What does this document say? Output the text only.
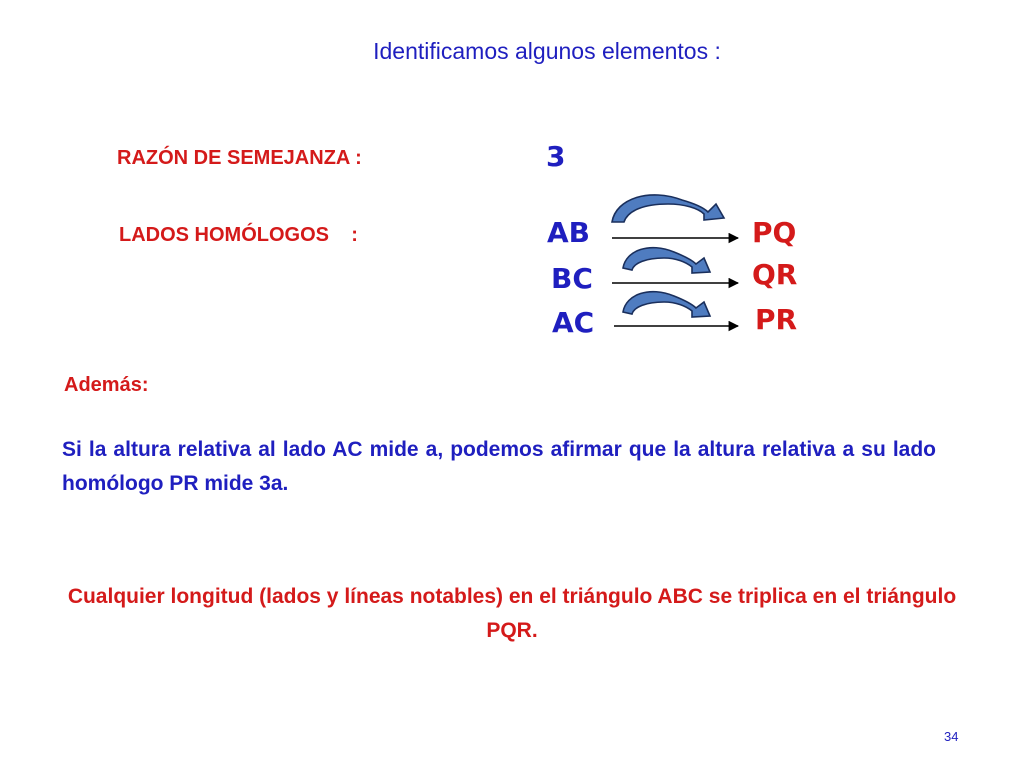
Identificamos algunos elementos :
RAZÓN DE SEMEJANZA :	3
LADOS HOMÓLOGOS    :	AB
BC
AC
PQ
QR
PR
Además:
Si la altura relativa al lado AC mide a, podemos afirmar que la altura relativa a su lado homólogo PR mide 3a.
Cualquier longitud (lados y líneas notables) en el triángulo ABC se triplica en el triángulo PQR.
34
